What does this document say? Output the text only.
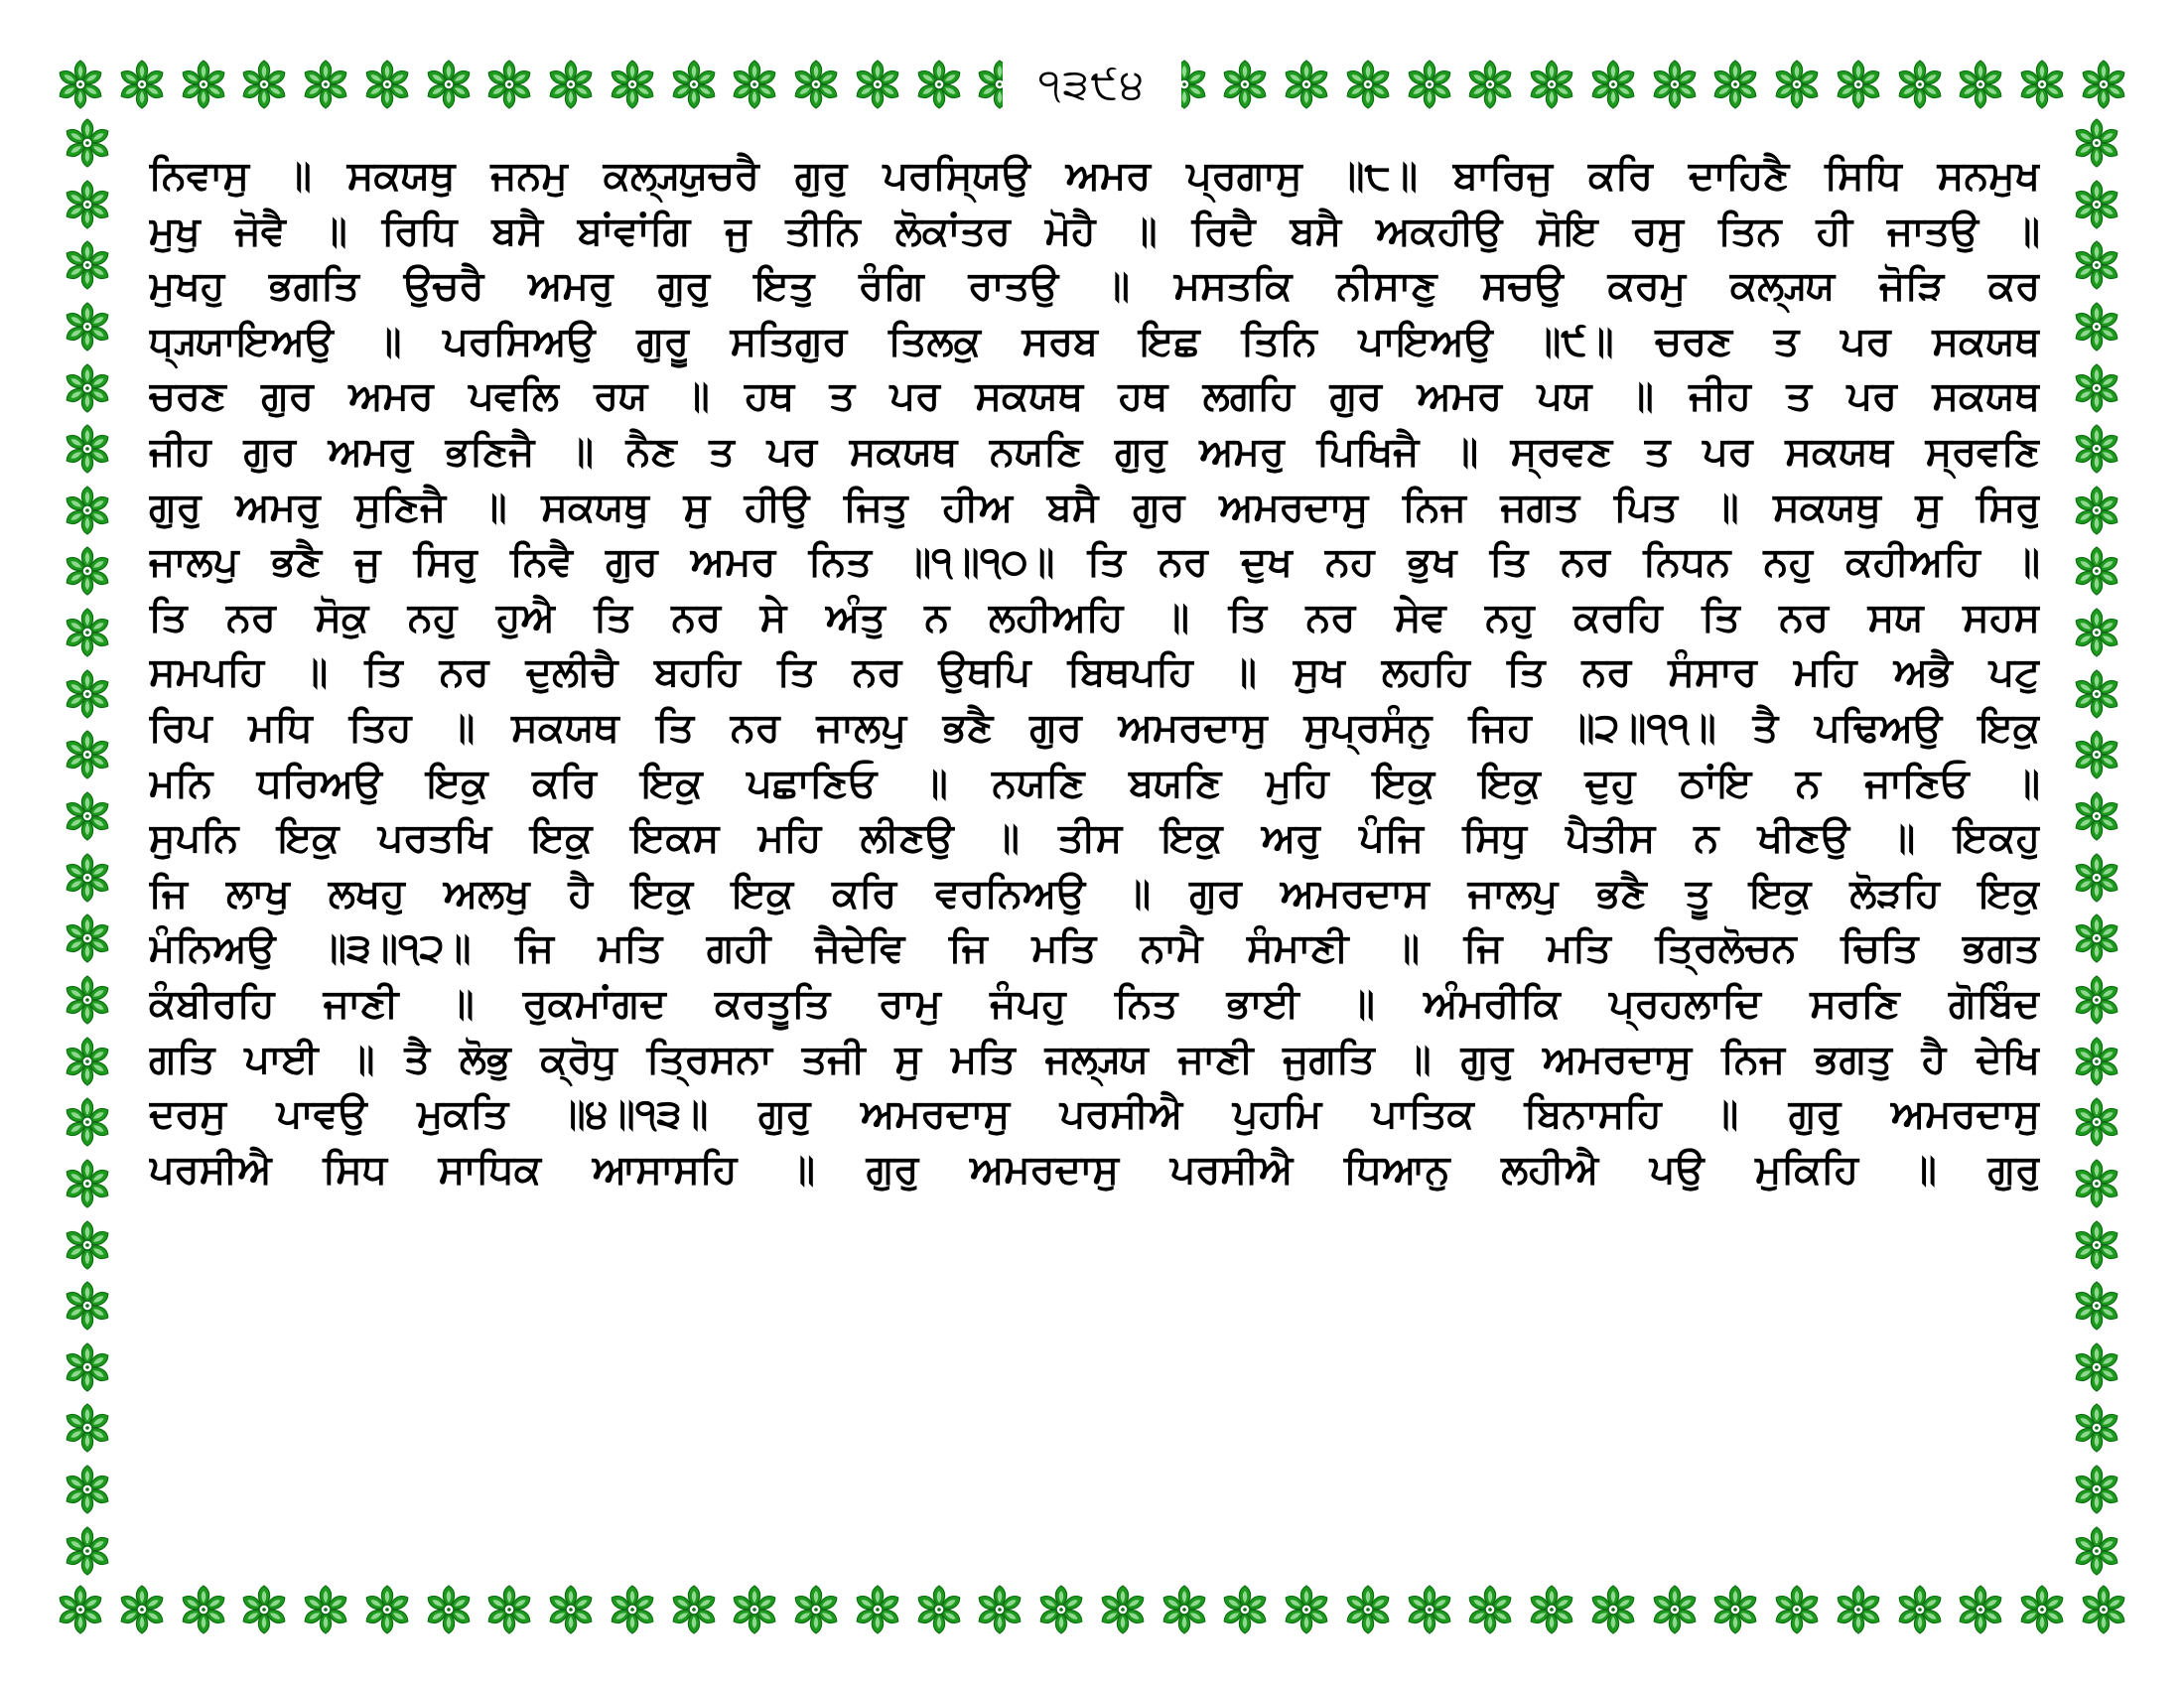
੧੩੯੪
ਨਿਵਾਸੁ ॥ ਸਕਯਥੁ ਜਨਮੁ ਕਲ੍ਯ੍ਯੁਚਰੈ ਗੁਰੁ ਪਰਸਿ੍ਯਉ ਅਮਰ ਪ੍ਰਗਾਸੁ ॥੮॥ ਬਾਰਿਜੁ ਕਰਿ ਦਾਹਿਣੈ ਸਿਧਿ ਸਨਮੁਖ
ਮੁਖੁ ਜੋਵੈ ॥ ਰਿਧਿ ਬਸੈ ਬਾਂਵਾਂਗਿ ਜੁ ਤੀਨਿ ਲੋਕਾਂਤਰ ਮੋਹੈ ॥ ਰਿਦੈ ਬਸੈ ਅਕਹੀਉ ਸੋਇ ਰਸੁ ਤਿਨ ਹੀ ਜਾਤਉ ॥
ਮੁਖਹੁ ਭਗਤਿ ਉਚਰੈ ਅਮਰੁ ਗੁਰੁ ਇਤੁ ਰੰਗਿ ਰਾਤਉ ॥ ਮਸਤਕਿ ਨੀਸਾਣੁ ਸਚਉ ਕਰਮੁ ਕਲ੍ਯ੍ਯ ਜੋੜਿ ਕਰ
ਧ੍ਯ੍ਯਾਇਅਉ ॥ ਪਰਸਿਅਉ ਗੁਰੂ ਸਤਿਗੁਰ ਤਿਲਕੁ ਸਰਬ ਇਛ ਤਿਨਿ ਪਾਇਅਉ ॥੯॥ ਚਰਣ ਤ ਪਰ ਸਕਯਥ
ਚਰਣ ਗੁਰ ਅਮਰ ਪਵਲਿ ਰਯ ॥ ਹਥ ਤ ਪਰ ਸਕਯਥ ਹਥ ਲਗਹਿ ਗੁਰ ਅਮਰ ਪਯ ॥ ਜੀਹ ਤ ਪਰ ਸਕਯਥ
ਜੀਹ ਗੁਰ ਅਮਰੁ ਭਣਿਜੈ ॥ ਨੈਣ ਤ ਪਰ ਸਕਯਥ ਨਯਣਿ ਗੁਰੁ ਅਮਰੁ ਪਿਖਿਜੈ ॥ ਸ੍ਰਵਣ ਤ ਪਰ ਸਕਯਥ ਸ੍ਰਵਣਿ
ਗੁਰੁ ਅਮਰੁ ਸੁਣਿਜੈ ॥ ਸਕਯਥੁ ਸੁ ਹੀਉ ਜਿਤੁ ਹੀਅ ਬਸੈ ਗੁਰ ਅਮਰਦਾਸੁ ਨਿਜ ਜਗਤ ਪਿਤ ॥ ਸਕਯਥੁ ਸੁ ਸਿਰੁ
ਜਾਲਪੁ ਭਣੈ ਜੁ ਸਿਰੁ ਨਿਵੈ ਗੁਰ ਅਮਰ ਨਿਤ ॥੧॥੧੦॥ ਤਿ ਨਰ ਦੁਖ ਨਹ ਭੁਖ ਤਿ ਨਰ ਨਿਧਨ ਨਹੁ ਕਹੀਅਹਿ ॥
ਤਿ ਨਰ ਸੋਕੁ ਨਹੁ ਹੁਐ ਤਿ ਨਰ ਸੇ ਅੰਤੁ ਨ ਲਹੀਅਹਿ ॥ ਤਿ ਨਰ ਸੇਵ ਨਹੁ ਕਰਹਿ ਤਿ ਨਰ ਸਯ ਸਹਸ
ਸਮਪਹਿ ॥ ਤਿ ਨਰ ਦੁਲੀਚੈ ਬਹਹਿ ਤਿ ਨਰ ਉਥਪਿ ਬਿਥਪਹਿ ॥ ਸੁਖ ਲਹਹਿ ਤਿ ਨਰ ਸੰਸਾਰ ਮਹਿ ਅਭੈ ਪਟੁ
ਰਿਪ ਮਧਿ ਤਿਹ ॥ ਸਕਯਥ ਤਿ ਨਰ ਜਾਲਪੁ ਭਣੈ ਗੁਰ ਅਮਰਦਾਸੁ ਸੁਪ੍ਰਸੰਨੁ ਜਿਹ ॥੨॥੧੧॥ ਤੈ ਪਢਿਅਉ ਇਕੁ
ਮਨਿ ਧਰਿਅਉ ਇਕੁ ਕਰਿ ਇਕੁ ਪਛਾਣਿਓ ॥ ਨਯਣਿ ਬਯਣਿ ਮੁਹਿ ਇਕੁ ਇਕੁ ਦੁਹੁ ਠਾਂਇ ਨ ਜਾਣਿਓ ॥
ਸੁਪਨਿ ਇਕੁ ਪਰਤਖਿ ਇਕੁ ਇਕਸ ਮਹਿ ਲੀਣਉ ॥ ਤੀਸ ਇਕੁ ਅਰੁ ਪੰਜਿ ਸਿਧੁ ਪੈਤੀਸ ਨ ਖੀਣਉ ॥ ਇਕਹੁ
ਜਿ ਲਾਖੁ ਲਖਹੁ ਅਲਖੁ ਹੈ ਇਕੁ ਇਕੁ ਕਰਿ ਵਰਨਿਅਉ ॥ ਗੁਰ ਅਮਰਦਾਸ ਜਾਲਪੁ ਭਣੈ ਤੂ ਇਕੁ ਲੋੜਹਿ ਇਕੁ
ਮੰਨਿਅਉ ॥੩॥੧੨॥ ਜਿ ਮਤਿ ਗਹੀ ਜੈਦੇਵਿ ਜਿ ਮਤਿ ਨਾਮੈ ਸੰਮਾਣੀ ॥ ਜਿ ਮਤਿ ਤ੍ਰਿਲੋਚਨ ਚਿਤਿ ਭਗਤ
ਕੰਬੀਰਹਿ ਜਾਣੀ ॥ ਰੁਕਮਾਂਗਦ ਕਰਤੂਤਿ ਰਾਮੁ ਜੰਪਹੁ ਨਿਤ ਭਾਈ ॥ ਅੰਮਰੀਕਿ ਪ੍ਰਹਲਾਦਿ ਸਰਣਿ ਗੋਬਿੰਦ
ਗਤਿ ਪਾਈ ॥ ਤੈ ਲੋਭੁ ਕ੍ਰੋਧੁ ਤ੍ਰਿਸਨਾ ਤਜੀ ਸੁ ਮਤਿ ਜਲ੍ਯ੍ਯ ਜਾਣੀ ਜੁਗਤਿ ॥ ਗੁਰੁ ਅਮਰਦਾਸੁ ਨਿਜ ਭਗਤੁ ਹੈ ਦੇਖਿ
ਦਰਸੁ ਪਾਵਉ ਮੁਕਤਿ ॥੪॥੧੩॥ ਗੁਰੁ ਅਮਰਦਾਸੁ ਪਰਸੀਐ ਪੁਹਮਿ ਪਾਤਿਕ ਬਿਨਾਸਹਿ ॥ ਗੁਰੁ ਅਮਰਦਾਸੁ
ਪਰਸੀਐ ਸਿਧ ਸਾਧਿਕ ਆਸਾਸਹਿ ॥ ਗੁਰੁ ਅਮਰਦਾਸੁ ਪਰਸੀਐ ਧਿਆਨੁ ਲਹੀਐ ਪਉ ਮੁਕਿਹਿ ॥ ਗੁਰੁ
